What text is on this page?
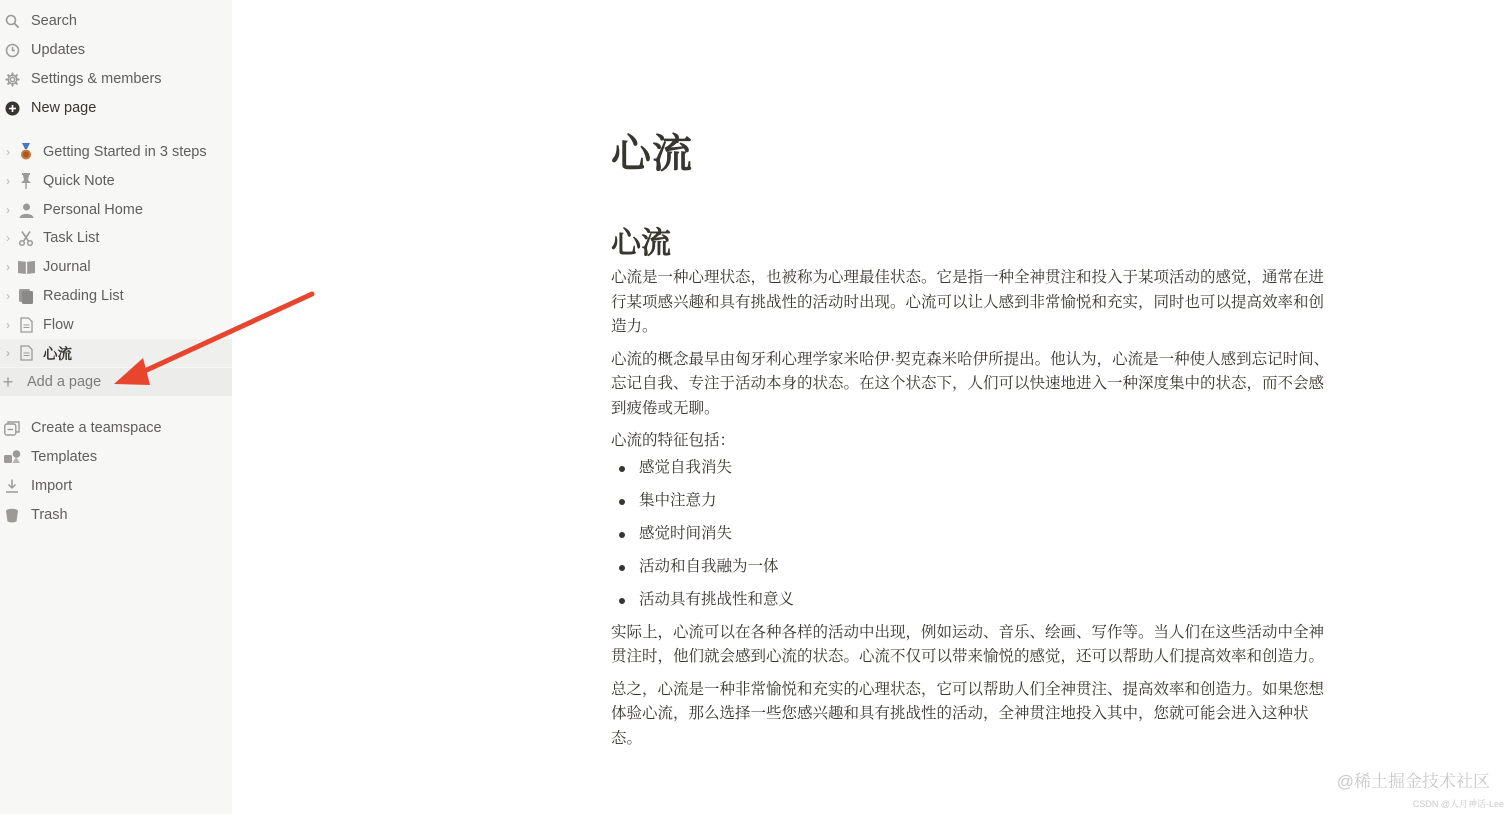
Search
Updates
Settings & members
New page
› Getting Started in 3 steps
› Quick Note
› Personal Home
› Task List
› Journal
› Reading List
› Flow
› 心流
+ Add a page
Create a teamspace
Templates
Import
Trash
心流
心流

心流是一种心理状态，也被称为心理最佳状态。它是指一种全神贯注和投入于某项活动的感觉，通常在进行某项感兴趣和具有挑战性的活动时出现。心流可以让人感到非常愉悦和充实，同时也可以提高效率和创造力。

心流的概念最早由匈牙利心理学家米哈伊·契克森米哈伊所提出。他认为，心流是一种使人感到忘记时间、忘记自我、专注于活动本身的状态。在这个状态下，人们可以快速地进入一种深度集中的状态，而不会感到疲倦或无聊。

心流的特征包括：

感觉自我消失
集中注意力
感觉时间消失
活动和自我融为一体
活动具有挑战性和意义

实际上，心流可以在各种各样的活动中出现，例如运动、音乐、绘画、写作等。当人们在这些活动中全神贯注时，他们就会感到心流的状态。心流不仅可以带来愉悦的感觉，还可以帮助人们提高效率和创造力。

总之，心流是一种非常愉悦和充实的心理状态，它可以帮助人们全神贯注、提高效率和创造力。如果您想体验心流，那么选择一些您感兴趣和具有挑战性的活动，全神贯注地投入其中，您就可能会进入这种状态。

@稀土掘金技术社区
CSDN @人月神话-Lee
